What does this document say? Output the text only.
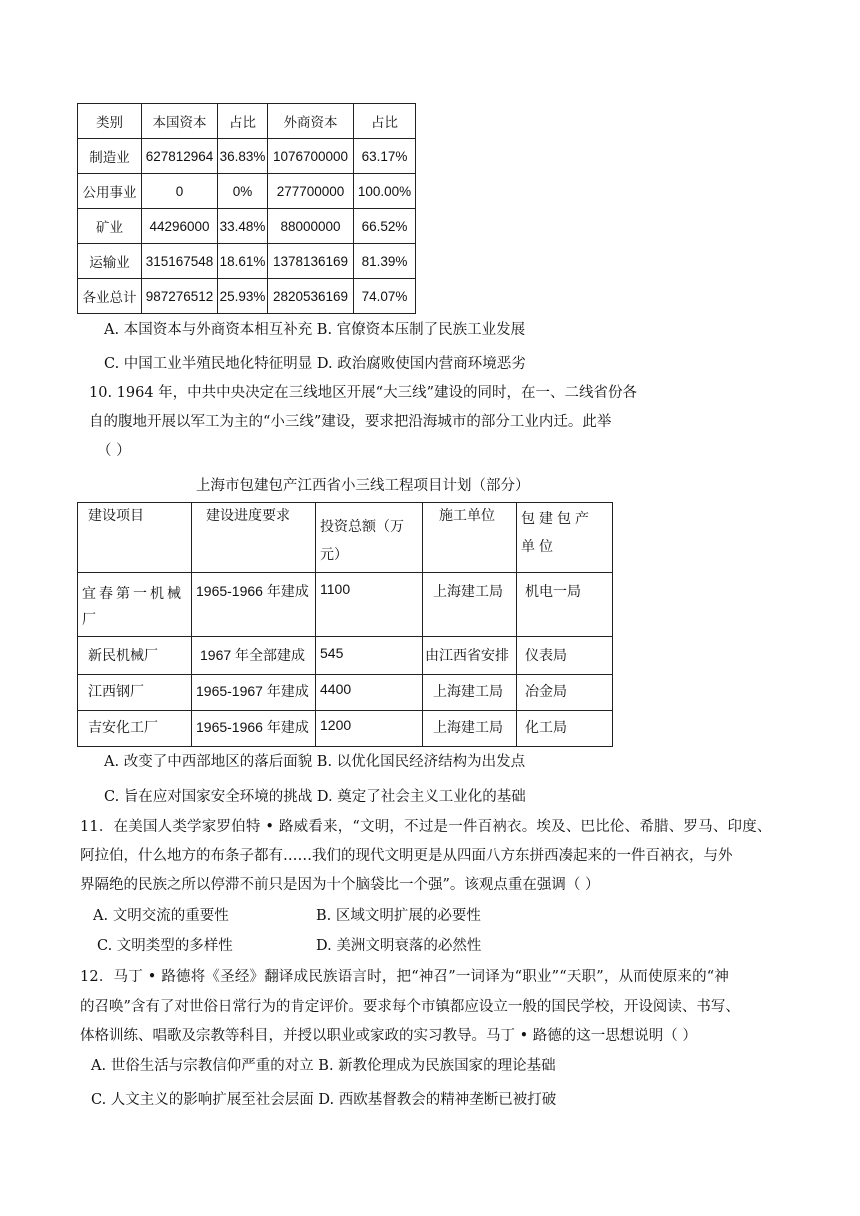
类别	本国资本	占比	外商资本	占比
制造业	627812964	36.83%	1076700000	63.17%
公用事业	0	0%	277700000	100.00%
矿业	44296000	33.48%	88000000	66.52%
运输业	315167548	18.61%	1378136169	81.39%
各业总计	987276512	25.93%	2820536169	74.07%
A. 本国资本与外商资本相互补充 B. 官僚资本压制了民族工业发展
C. 中国工业半殖民地化特征明显 D. 政治腐败使国内营商环境恶劣
10. 1964 年，中共中央决定在三线地区开展“大三线”建设的同时，在一、二线省份各
自的腹地开展以军工为主的“小三线”建设，要求把沿海城市的部分工业内迁。此举
（ ）
上海市包建包产江西省小三线工程项目计划（部分）
建设项目	建设进度要求	投资总额（万元）	施工单位	包建包产单位
宜春第一机械厂	1965-1966 年建成	1100	上海建工局	机电一局
新民机械厂	1967 年全部建成	545	由江西省安排	仪表局
江西钢厂	1965-1967 年建成	4400	上海建工局	冶金局
吉安化工厂	1965-1966 年建成	1200	上海建工局	化工局
A. 改变了中西部地区的落后面貌 B. 以优化国民经济结构为出发点
C. 旨在应对国家安全环境的挑战 D. 奠定了社会主义工业化的基础
11．在美国人类学家罗伯特 • 路威看来，“文明，不过是一件百衲衣。埃及、巴比伦、希腊、罗马、印度、
阿拉伯，什么地方的布条子都有……我们的现代文明更是从四面八方东拼西凑起来的一件百衲衣，与外
界隔绝的民族之所以停滞不前只是因为十个脑袋比一个强”。该观点重在强调（ ）
A. 文明交流的重要性	B. 区域文明扩展的必要性
C. 文明类型的多样性	D. 美洲文明衰落的必然性
12．马丁 • 路德将《圣经》翻译成民族语言时，把“神召”一词译为“职业”“天职”，从而使原来的“神
的召唤”含有了对世俗日常行为的肯定评价。要求每个市镇都应设立一般的国民学校，开设阅读、书写、
体格训练、唱歌及宗教等科目，并授以职业或家政的实习教导。马丁 • 路德的这一思想说明（ ）
A. 世俗生活与宗教信仰严重的对立 B. 新教伦理成为民族国家的理论基础
C. 人文主义的影响扩展至社会层面 D. 西欧基督教会的精神垄断已被打破
